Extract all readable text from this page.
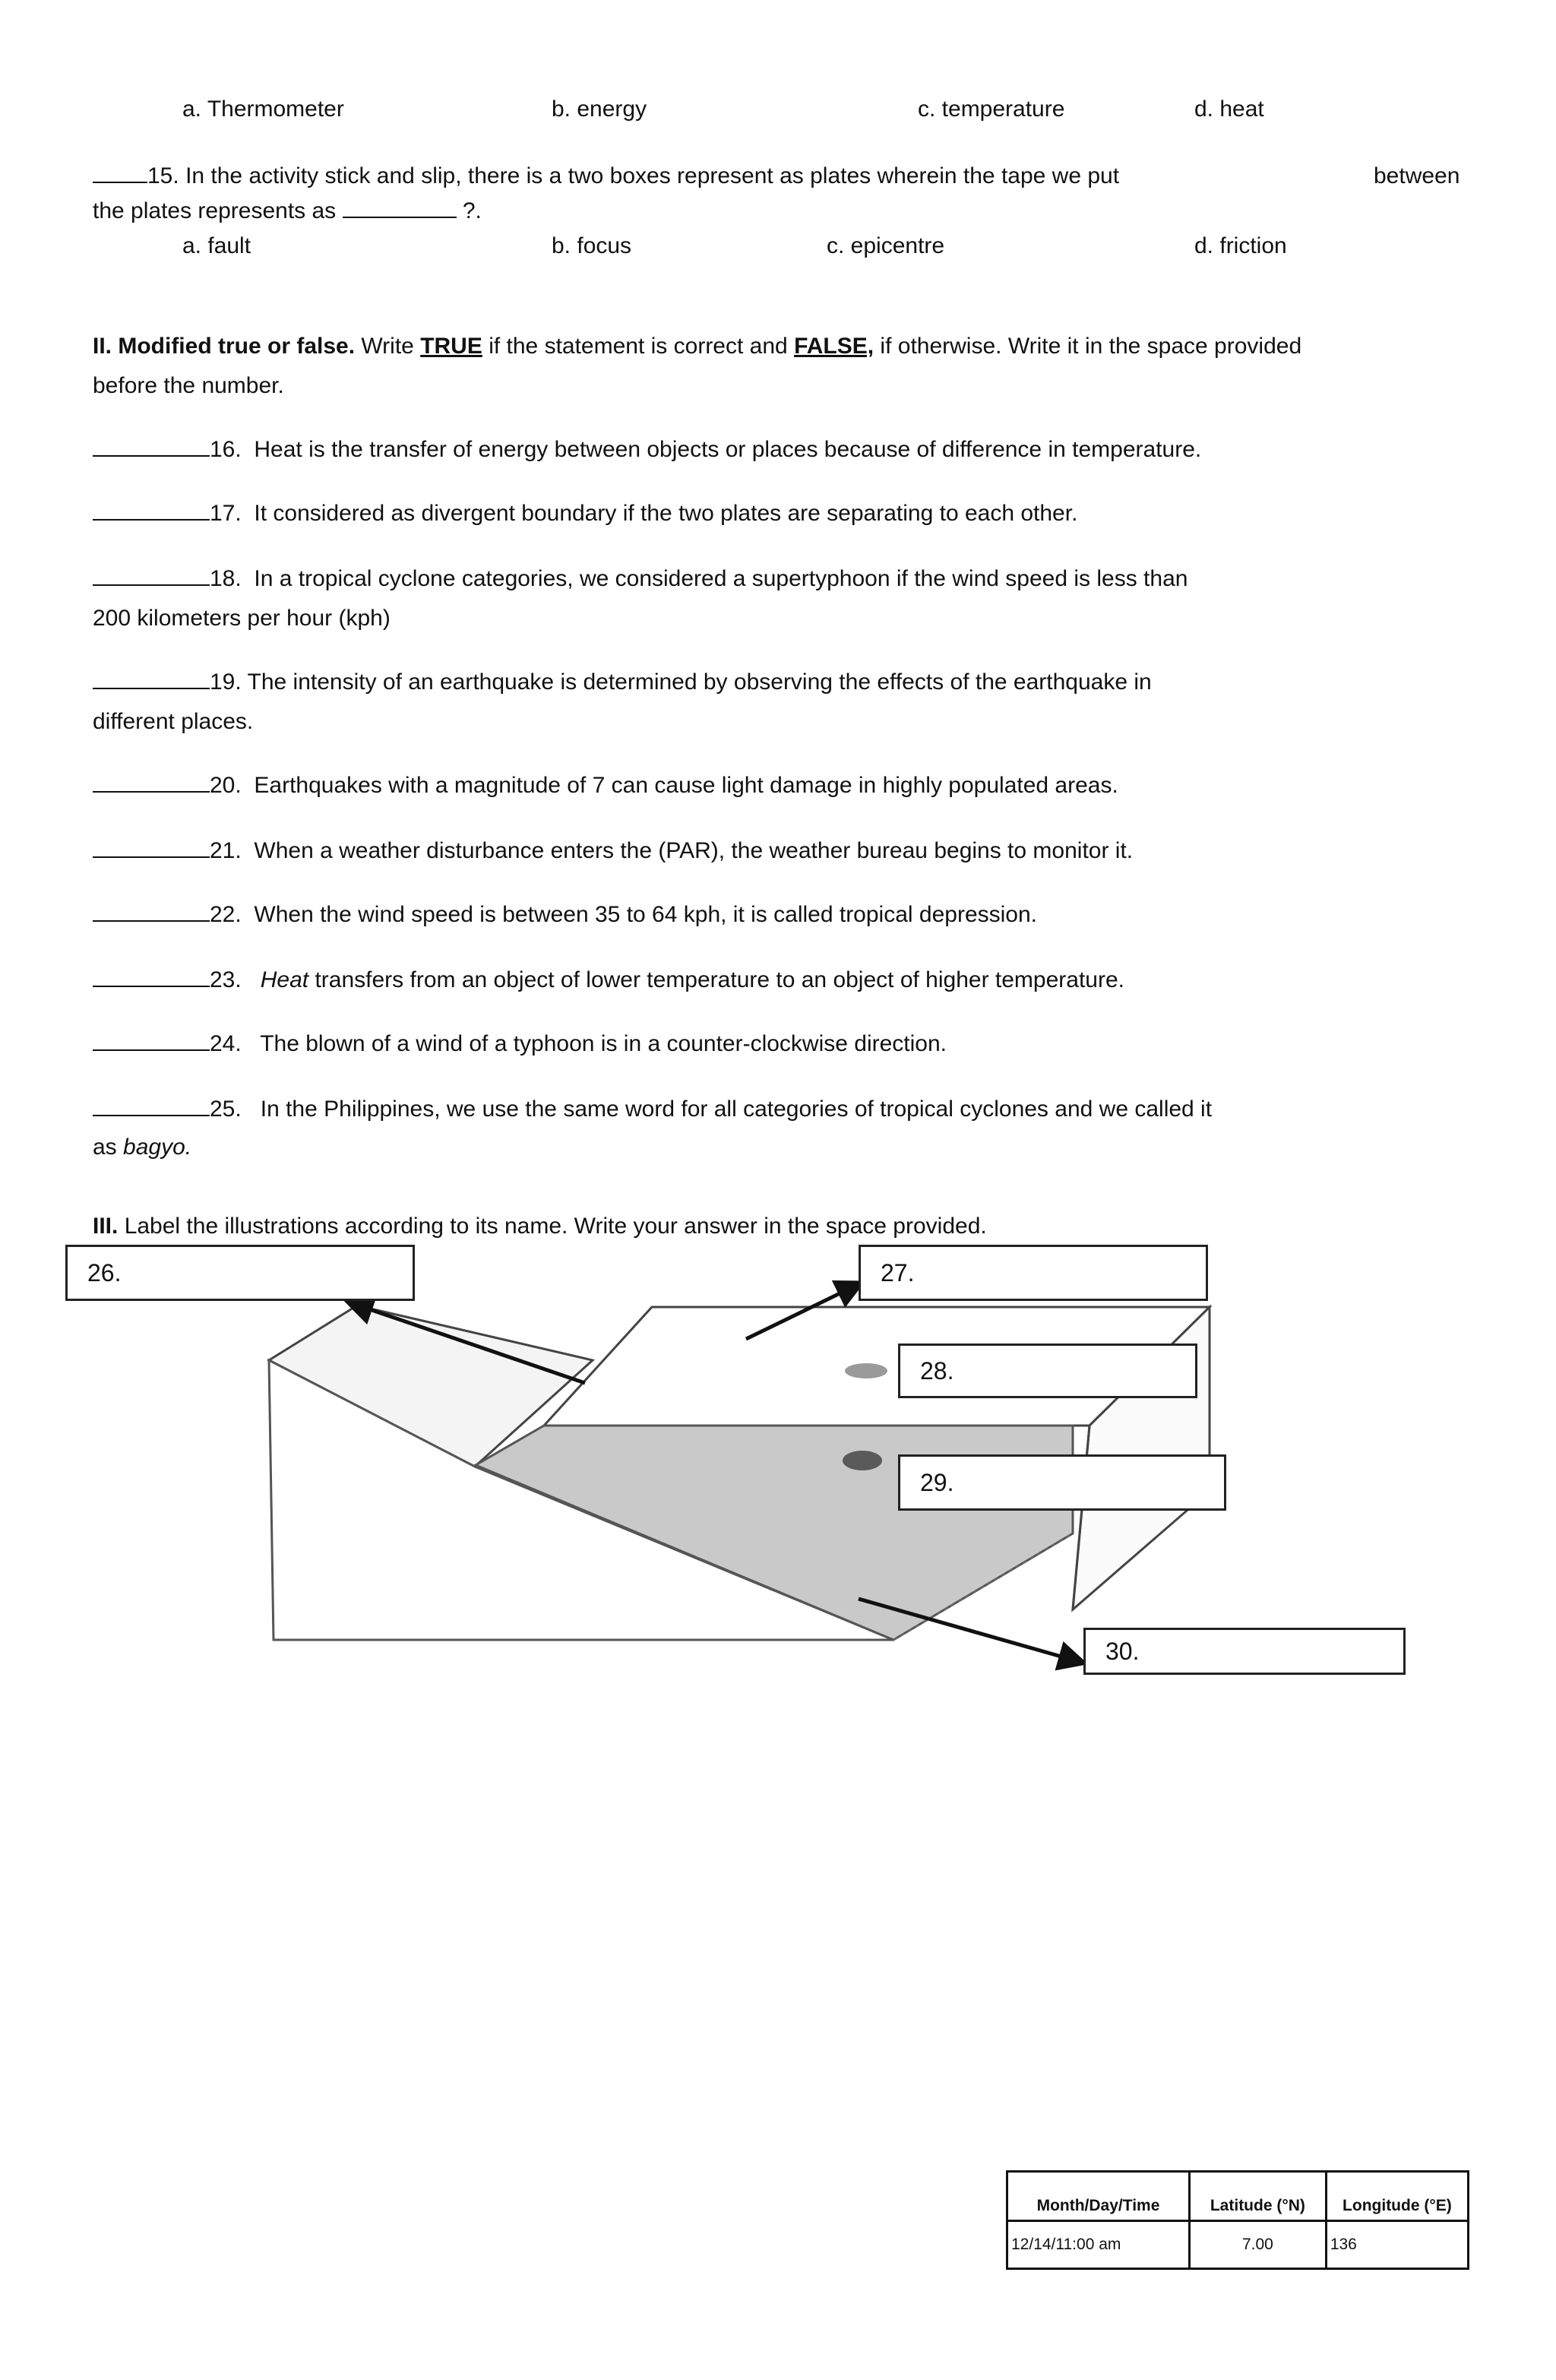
a. Thermometer	b. energy	c. temperature	d. heat
15. In the activity stick and slip, there is a two boxes represent as plates wherein the tape we put	between
the plates represents as	?.
a. fault	b. focus	c. epicentre	d. friction
II. Modified true or false. Write TRUE if the statement is correct and FALSE, if otherwise. Write it in the space provided
before the number.
16. Heat is the transfer of energy between objects or places because of difference in temperature.
17. It considered as divergent boundary if the two plates are separating to each other.
18. In a tropical cyclone categories, we considered a supertyphoon if the wind speed is less than
200 kilometers per hour (kph)
19. The intensity of an earthquake is determined by observing the effects of the earthquake in
different places.
20. Earthquakes with a magnitude of 7 can cause light damage in highly populated areas.
21. When a weather disturbance enters the (PAR), the weather bureau begins to monitor it.
22. When the wind speed is between 35 to 64 kph, it is called tropical depression.
23. Heat transfers from an object of lower temperature to an object of higher temperature.
24. The blown of a wind of a typhoon is in a counter-clockwise direction.
25. In the Philippines, we use the same word for all categories of tropical cyclones and we called it
as bagyo.
III. Label the illustrations according to its name. Write your answer in the space provided.
26.	27.
28.
29.
30.
Month/Day/Time	Latitude (°N)	Longitude (°E)
12/14/11:00 am	7.00	136
